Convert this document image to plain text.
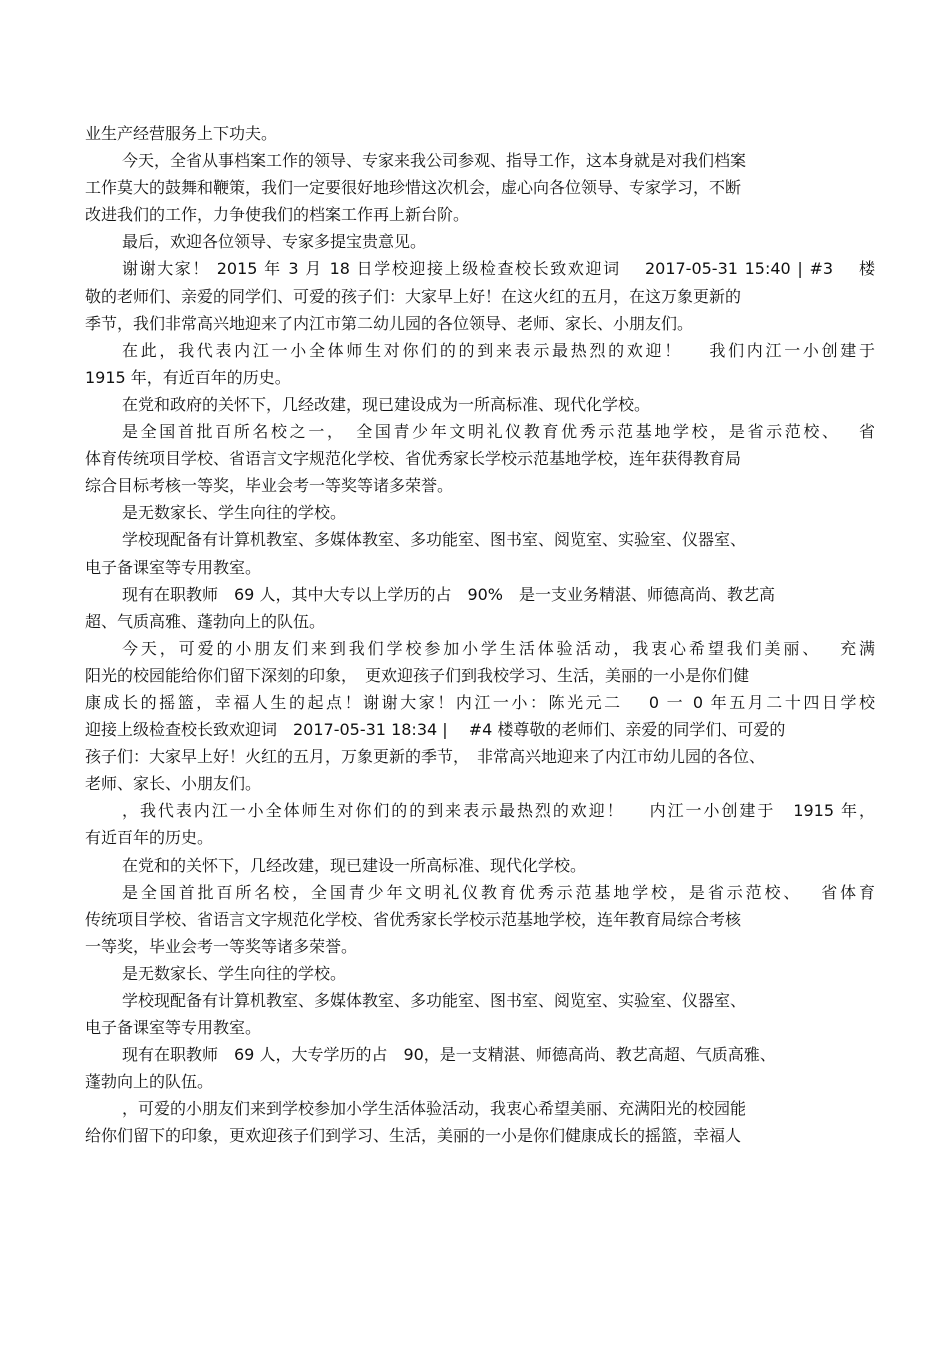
业生产经营服务上下功夫。
今天，全省从事档案工作的领导、专家来我公司参观、指导工作，这本身就是对我们档案
工作莫大的鼓舞和鞭策，我们一定要很好地珍惜这次机会，虚心向各位领导、专家学习，不断
改进我们的工作，力争使我们的档案工作再上新台阶。
最后，欢迎各位领导、专家多提宝贵意见。
谢谢大家！ 2015 年 3 月 18 日学校迎接上级检查校长致欢迎词　 2017-05-31 15:40 | #3　 楼
敬的老师们、亲爱的同学们、可爱的孩子们：大家早上好！在这火红的五月，在这万象更新的
季节，我们非常高兴地迎来了内江市第二幼儿园的各位领导、老师、家长、小朋友们。
在此，我代表内江一小全体师生对你们的的到来表示最热烈的欢迎！　 我们内江一小创建于
1915 年，有近百年的历史。
在党和政府的关怀下，几经改建，现已建设成为一所高标准、现代化学校。
是全国首批百所名校之一，　全国青少年文明礼仪教育优秀示范基地学校，是省示范校、　 省
体育传统项目学校、省语言文字规范化学校、省优秀家长学校示范基地学校，连年获得教育局
综合目标考核一等奖，毕业会考一等奖等诸多荣誉。
是无数家长、学生向往的学校。
学校现配备有计算机教室、多媒体教室、多功能室、图书室、阅览室、实验室、仪器室、
电子备课室等专用教室。
现有在职教师　69 人，其中大专以上学历的占　90%　是一支业务精湛、师德高尚、教艺高
超、气质高雅、蓬勃向上的队伍。
今天，可爱的小朋友们来到我们学校参加小学生活体验活动，我衷心希望我们美丽、　 充满
阳光的校园能给你们留下深刻的印象，　更欢迎孩子们到我校学习、生活，美丽的一小是你们健
康成长的摇篮，幸福人生的起点！谢谢大家！内江一小：陈光元二　 0 一 0 年五月二十四日学校
迎接上级检查校长致欢迎词　2017-05-31 18:34 |　 #4 楼尊敬的老师们、亲爱的同学们、可爱的
孩子们：大家早上好！火红的五月，万象更新的季节，　非常高兴地迎来了内江市幼儿园的各位、
老师、家长、小朋友们。
，我代表内江一小全体师生对你们的的到来表示最热烈的欢迎！　 内江一小创建于　1915 年，
有近百年的历史。
在党和的关怀下，几经改建，现已建设一所高标准、现代化学校。
是全国首批百所名校，全国青少年文明礼仪教育优秀示范基地学校，是省示范校、　 省体育
传统项目学校、省语言文字规范化学校、省优秀家长学校示范基地学校，连年教育局综合考核
一等奖，毕业会考一等奖等诸多荣誉。
是无数家长、学生向往的学校。
学校现配备有计算机教室、多媒体教室、多功能室、图书室、阅览室、实验室、仪器室、
电子备课室等专用教室。
现有在职教师　69 人，大专学历的占　90，是一支精湛、师德高尚、教艺高超、气质高雅、
蓬勃向上的队伍。
，可爱的小朋友们来到学校参加小学生活体验活动，我衷心希望美丽、充满阳光的校园能
给你们留下的印象，更欢迎孩子们到学习、生活，美丽的一小是你们健康成长的摇篮，幸福人
